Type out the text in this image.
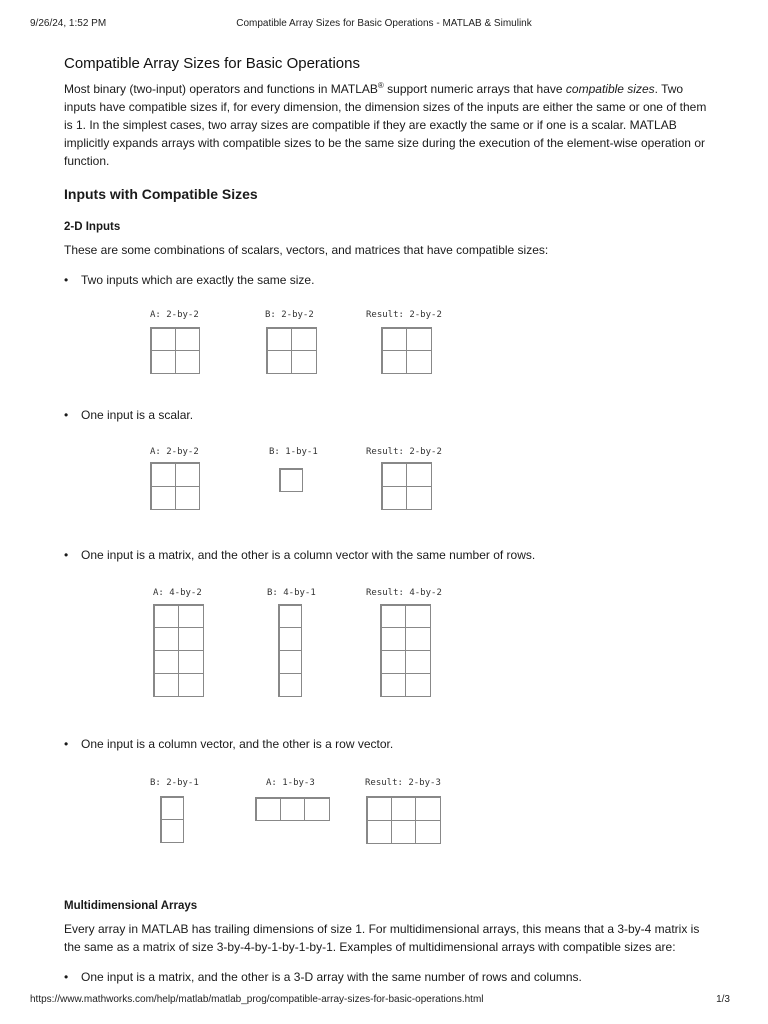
9/26/24, 1:52 PM	Compatible Array Sizes for Basic Operations - MATLAB & Simulink
Compatible Array Sizes for Basic Operations

Most binary (two-input) operators and functions in MATLAB® support numeric arrays that have compatible sizes. Two inputs have compatible sizes if, for every dimension, the dimension sizes of the inputs are either the same or one of them is 1. In the simplest cases, two array sizes are compatible if they are exactly the same or if one is a scalar. MATLAB implicitly expands arrays with compatible sizes to be the same size during the execution of the element-wise operation or function.

Inputs with Compatible Sizes
2-D Inputs

These are some combinations of scalars, vectors, and matrices that have compatible sizes:

• Two inputs which are exactly the same size.
• One input is a scalar.
• One input is a matrix, and the other is a column vector with the same number of rows.
• One input is a column vector, and the other is a row vector.
Multidimensional Arrays

Every array in MATLAB has trailing dimensions of size 1. For multidimensional arrays, this means that a 3-by-4 matrix is the same as a matrix of size 3-by-4-by-1-by-1-by-1. Examples of multidimensional arrays with compatible sizes are:

• One input is a matrix, and the other is a 3-D array with the same number of rows and columns.
A: 2-by-2	B: 2-by-2	Result: 2-by-2
A: 2-by-2	B: 1-by-1	Result: 2-by-2
A: 4-by-2	B: 4-by-1	Result: 4-by-2
B: 2-by-1	A: 1-by-3	Result: 2-by-3
https://www.mathworks.com/help/matlab/matlab_prog/compatible-array-sizes-for-basic-operations.html	1/3
